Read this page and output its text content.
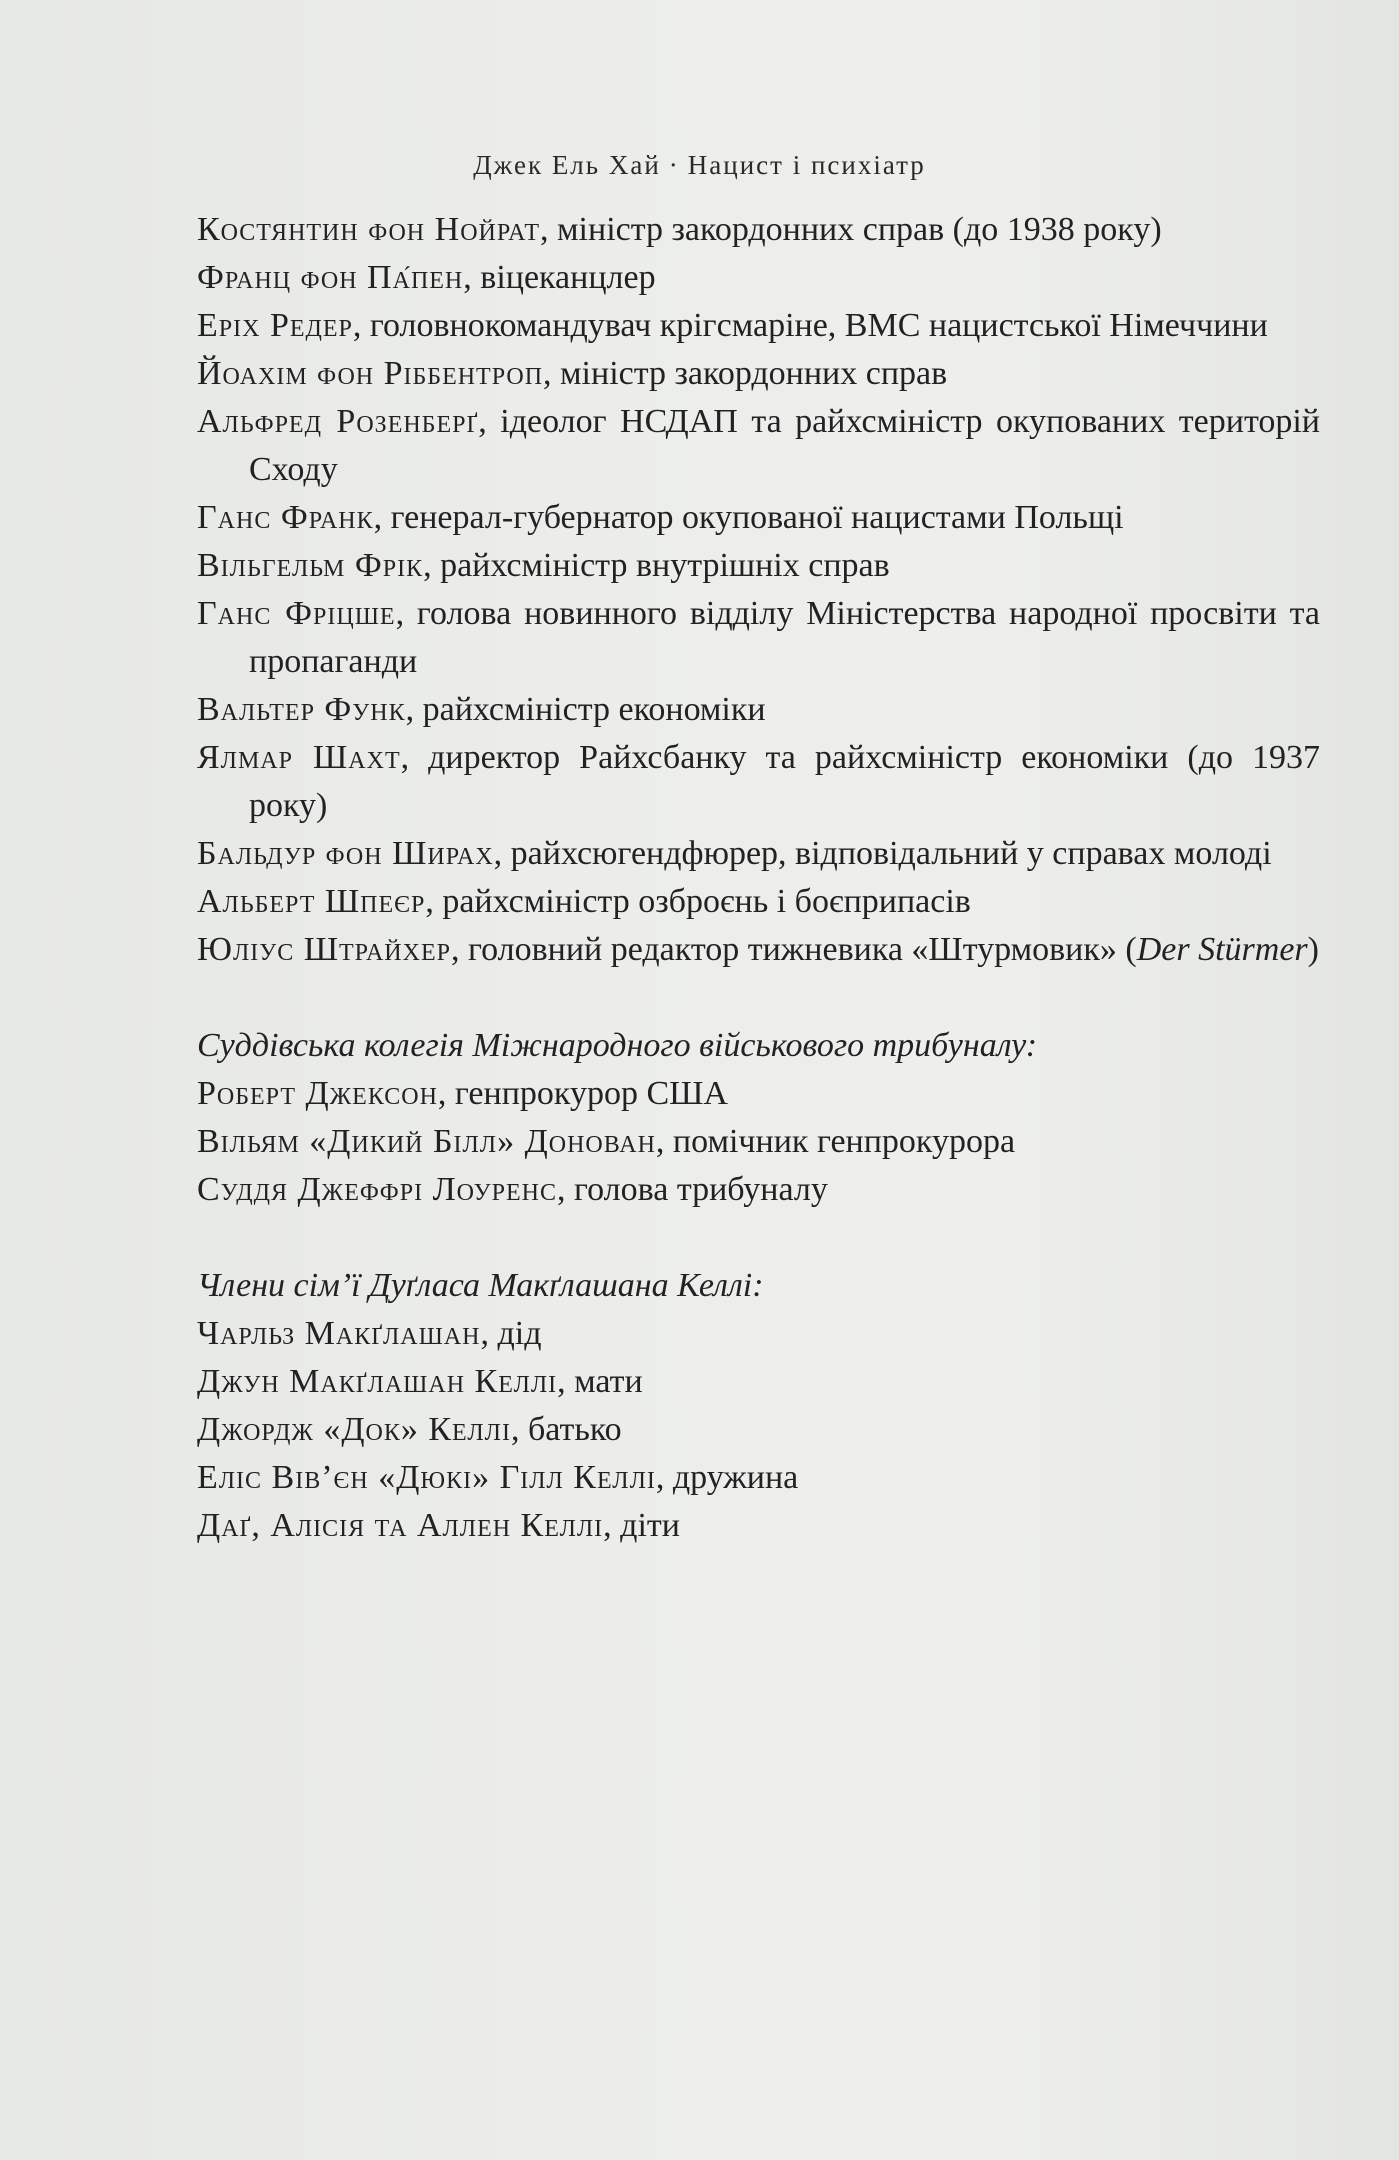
Джек Ель Хай · Нацист і психіатр
Костянтин фон Нойрат, міністр закордонних справ (до 1938 року)
Франц фон Па́пен, віцеканцлер
Еріх Редер, головнокомандувач крігсмаріне, ВМС нацистської Німеччини
Йоахім фон Ріббентроп, міністр закордонних справ
Альфред Розенберґ, ідеолог НСДАП та райхсміністр окупованих територій Сходу
Ганс Франк, генерал-губернатор окупованої нацистами Польщі
Вільгельм Фрік, райхсміністр внутрішніх справ
Ганс Фріцше, голова новинного відділу Міністерства народної просвіти та пропаганди
Вальтер Функ, райхсміністр економіки
Ялмар Шахт, директор Райхсбанку та райхсміністр економіки (до 1937 року)
Бальдур фон Ширах, райхсюгендфюрер, відповідальний у справах молоді
Альберт Шпеєр, райхсміністр озброєнь і боєприпасів
Юліус Штрайхер, головний редактор тижневика «Штурмовик» (Der Stürmer)
Суддівська колегія Міжнародного військового трибуналу:
Роберт Джексон, генпрокурор США
Вільям «Дикий Білл» Донован, помічник генпрокурора
Суддя Джеффрі Лоуренс, голова трибуналу
Члени сім’ї Дуґласа Макґлашана Келлі:
Чарльз Макґлашан, дід
Джун Макґлашан Келлі, мати
Джордж «Док» Келлі, батько
Еліс Вів’єн «Дюкі» Гілл Келлі, дружина
Даґ, Алісія та Аллен Келлі, діти
